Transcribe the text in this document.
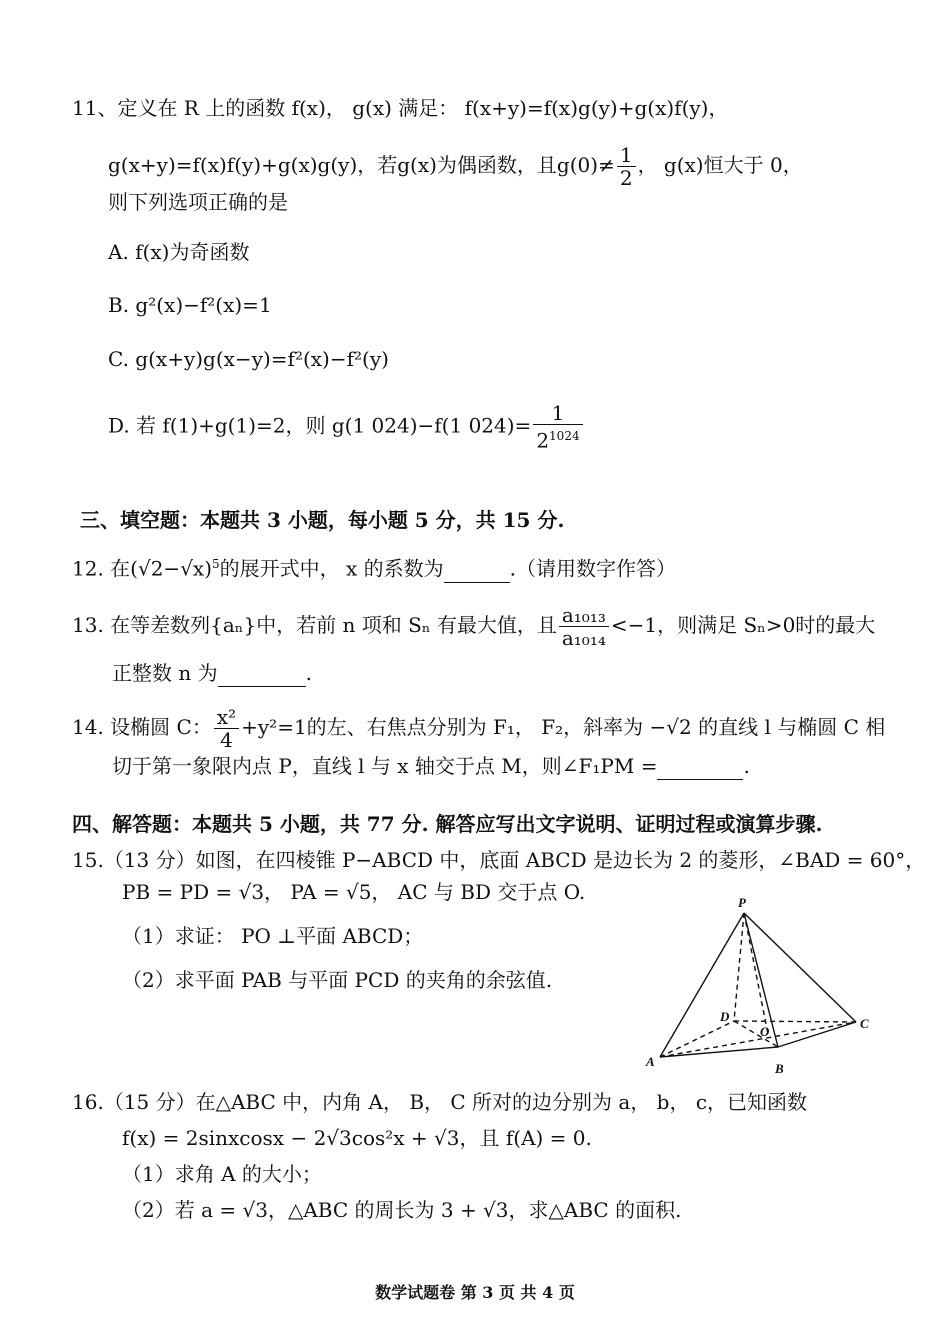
11、定义在 R 上的函数 f(x)， g(x) 满足： f(x+y)=f(x)g(y)+g(x)f(y)，
g(x+y)=f(x)f(y)+g(x)g(y)，若g(x)为偶函数，且$g(0)\ne \frac{1}{2}$ ， g(x)恒大于 0，
则下列选项正确的是
A. f(x)为奇函数
B. g²(x)−f²(x)=1
C. g(x+y)g(x−y)=f²(x)−f²(y)
D. 若 f(1)+g(1)=2，则 g(1 024)−f(1 $024)= \frac{1}{2^{1024}}$
三、填空题：本题共 3 小题，每小题 5 分，共 15 分.
12. 在$(√2-√x)^5$的展开式中， x 的系数为	.（请用数字作答）
13. 在等差数列{aₙ}中，若前 n 项和 Sₙ 有最大值，且 $\frac{\text{a₁₀₁₃}}{\text{a₁₀₁₄}} <-1$，则满足 Sₙ>0时的最大
正整数 n 为	.
14. 设椭圆 C： $\frac{\text{x²}}{4} +y^2=1$的左、右焦点分别为 F₁， F₂，斜率为 −√2 的直线 l 与椭圆 C 相
切于第一象限内点 P，直线 l 与 x 轴交于点 M，则∠F₁PM =	.
四、解答题：本题共 5 小题，共 77 分. 解答应写出文字说明、证明过程或演算步骤.
15.（13 分）如图，在四棱锥 P−ABCD 中，底面 ABCD 是边长为 2 的菱形，∠BAD = 60°，
PB = PD = √3， PA = √5， AC 与 BD 交于点 O.
（1）求证： PO ⊥平面 ABCD；
（2）求平面 PAB 与平面 PCD 的夹角的余弦值.
P
A	B
C
D
O
16.（15 分）在△ABC 中，内角 A， B， C 所对的边分别为 a， b， c，已知函数
f(x) = 2sinxcosx − 2√3cos²x + √3，且 f(A) = 0.
（1）求角 A 的大小；
（2）若 a = √3，△ABC 的周长为 3 + √3，求△ABC 的面积.
数学试题卷 第 3 页 共 4 页
